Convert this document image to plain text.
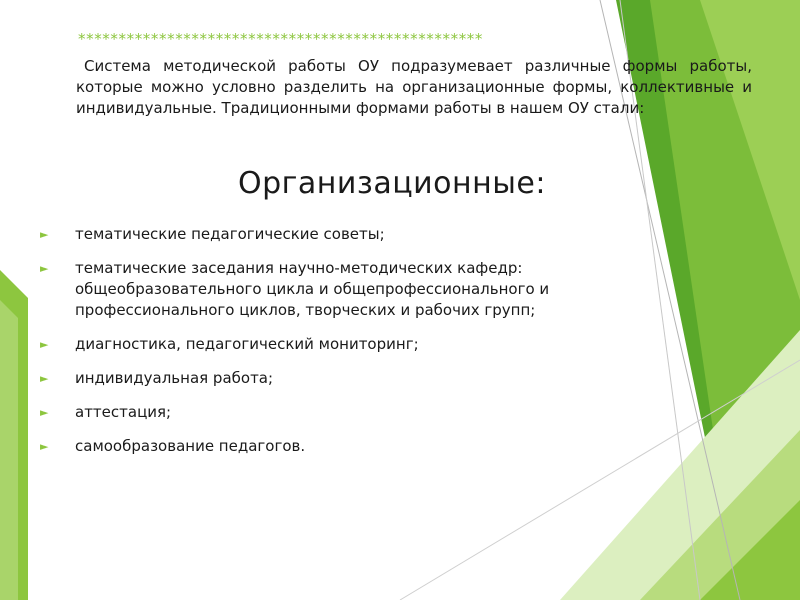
**************************************************
Система методической работы ОУ подразумевает различные формы работы, которые можно условно разделить на организационные формы, коллективные и индивидуальные. Традиционными формами работы в нашем ОУ стали:
Организационные:
► тематические педагогические советы;
► тематические заседания научно-методических кафедр: общеобразовательного цикла и общепрофессионального и профессионального циклов, творческих и рабочих групп;
► диагностика, педагогический мониторинг;
► индивидуальная работа;
► аттестация;
► самообразование педагогов.
